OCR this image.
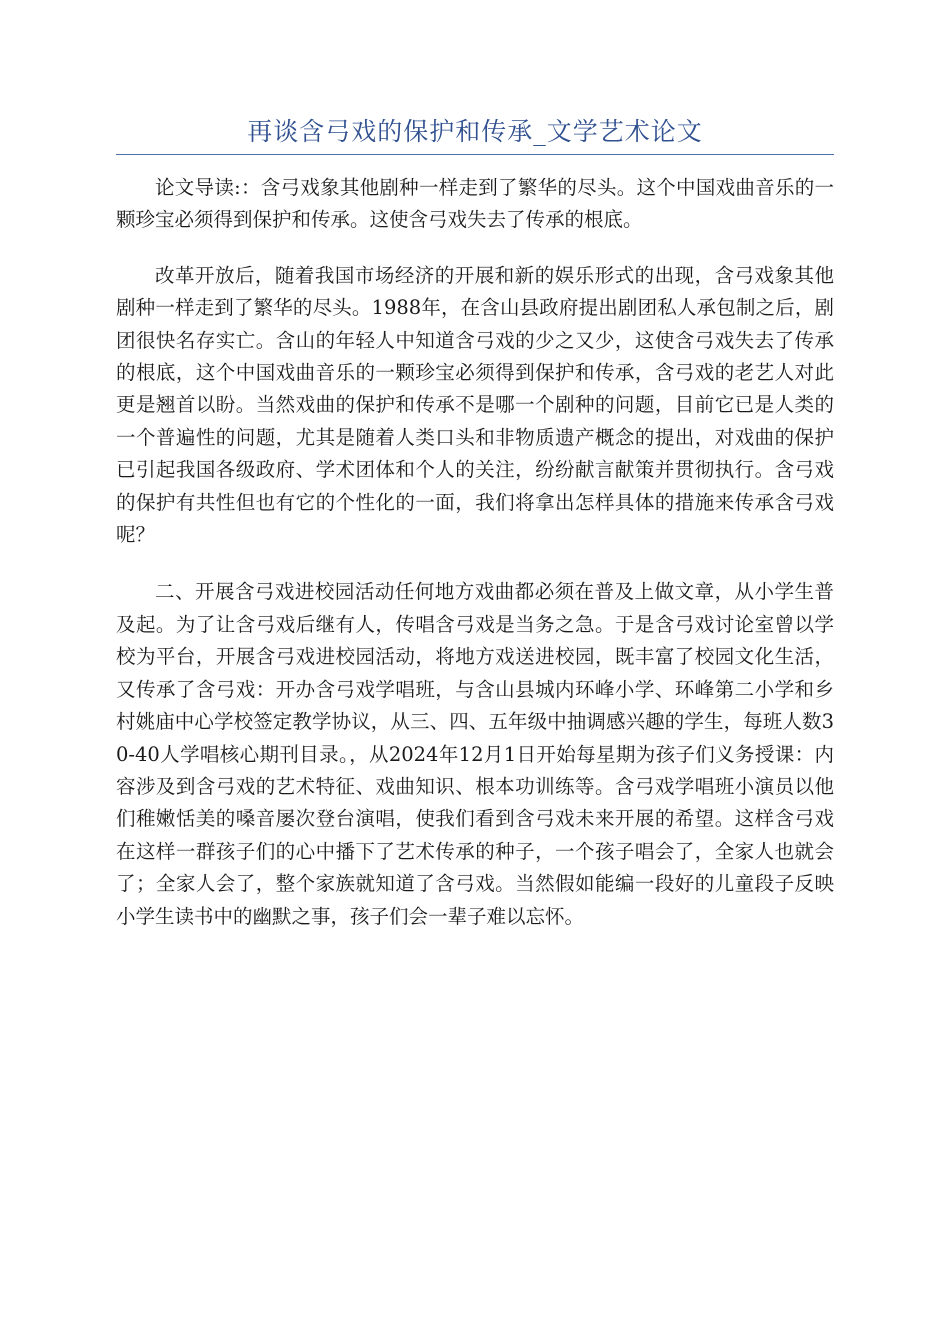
再谈含弓戏的保护和传承_文学艺术论文

论文导读:：含弓戏象其他剧种一样走到了繁华的尽头。这个中国戏曲音乐的一颗珍宝必须得到保护和传承。这使含弓戏失去了传承的根底。

改革开放后，随着我国市场经济的开展和新的娱乐形式的出现，含弓戏象其他剧种一样走到了繁华的尽头。1988年，在含山县政府提出剧团私人承包制之后，剧团很快名存实亡。含山的年轻人中知道含弓戏的少之又少，这使含弓戏失去了传承的根底，这个中国戏曲音乐的一颗珍宝必须得到保护和传承，含弓戏的老艺人对此更是翘首以盼。当然戏曲的保护和传承不是哪一个剧种的问题，目前它已是人类的一个普遍性的问题，尤其是随着人类口头和非物质遗产概念的提出，对戏曲的保护已引起我国各级政府、学术团体和个人的关注，纷纷献言献策并贯彻执行。含弓戏的保护有共性但也有它的个性化的一面，我们将拿出怎样具体的措施来传承含弓戏呢？

二、开展含弓戏进校园活动任何地方戏曲都必须在普及上做文章，从小学生普及起。为了让含弓戏后继有人，传唱含弓戏是当务之急。于是含弓戏讨论室曾以学校为平台，开展含弓戏进校园活动，将地方戏送进校园，既丰富了校园文化生活，又传承了含弓戏：开办含弓戏学唱班，与含山县城内环峰小学、环峰第二小学和乡村姚庙中心学校签定教学协议，从三、四、五年级中抽调感兴趣的学生，每班人数30-40人学唱核心期刊目录。，从2024年12月1日开始每星期为孩子们义务授课：内容涉及到含弓戏的艺术特征、戏曲知识、根本功训练等。含弓戏学唱班小演员以他们稚嫩恬美的嗓音屡次登台演唱，使我们看到含弓戏未来开展的希望。这样含弓戏在这样一群孩子们的心中播下了艺术传承的种子，一个孩子唱会了，全家人也就会了；全家人会了，整个家族就知道了含弓戏。当然假如能编一段好的儿童段子反映小学生读书中的幽默之事，孩子们会一辈子难以忘怀。
